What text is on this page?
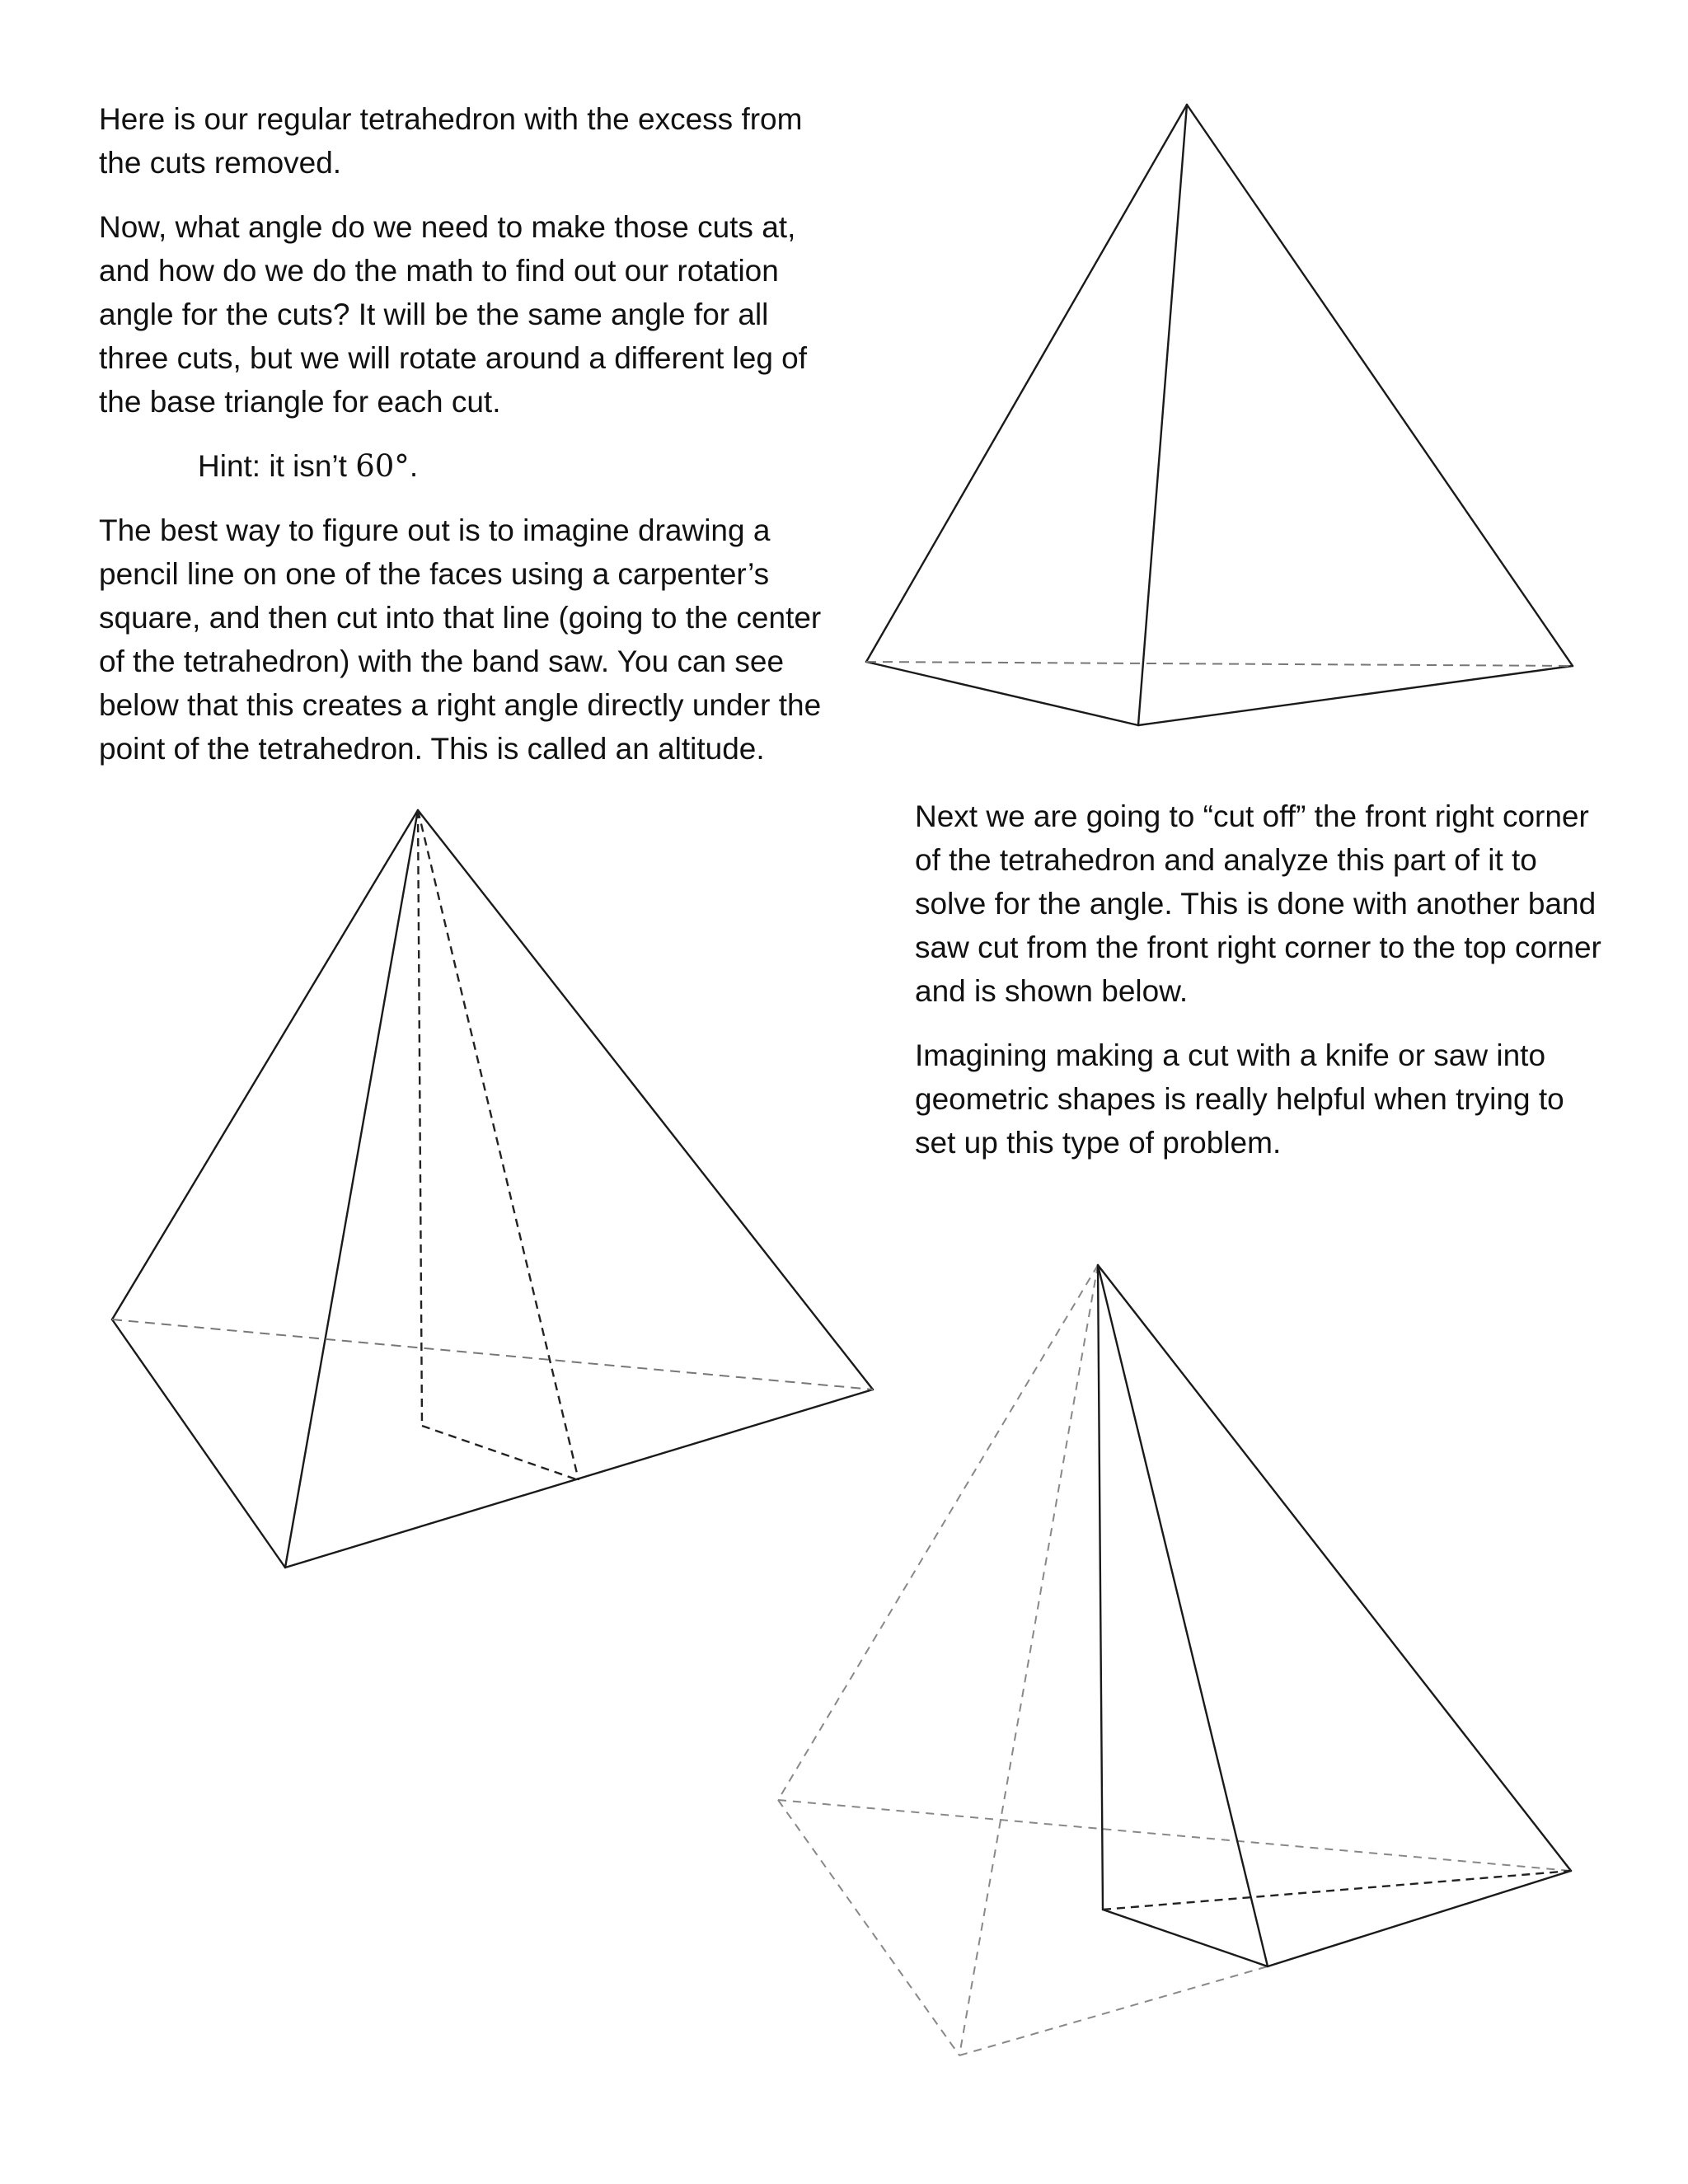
Here is our regular tetrahedron with the excess from the cuts removed.

Now, what angle do we need to make those cuts at, and how do we do the math to find out our rotation angle for the cuts? It will be the same angle for all three cuts, but we will rotate around a different leg of the base triangle for each cut.

Hint: it isn’t 60°.

The best way to figure out is to imagine drawing a pencil line on one of the faces using a carpenter’s square, and then cut into that line (going to the center of the tetrahedron) with the band saw. You can see below that this creates a right angle directly under the point of the tetrahedron. This is called an altitude.

Next we are going to “cut off” the front right corner of the tetrahedron and analyze this part of it to solve for the angle. This is done with another band saw cut from the front right corner to the top corner and is shown below.

Imagining making a cut with a knife or saw into geometric shapes is really helpful when trying to set up this type of problem.
